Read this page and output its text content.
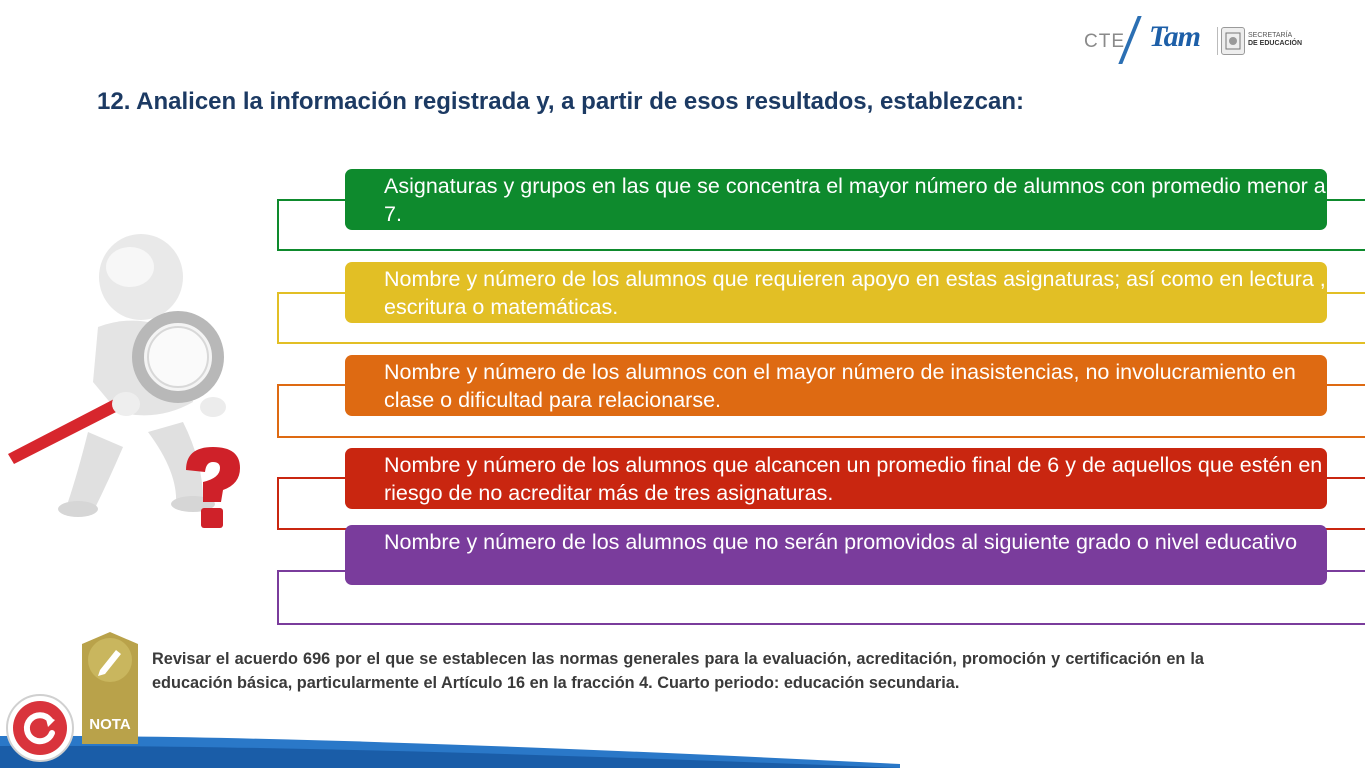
CTE Tam	SECRETARÍA
DE EDUCACIÓN
12. Analicen la información registrada y, a partir de esos resultados, establezcan:
Asignaturas y grupos en las que se concentra el mayor número de alumnos con promedio menor a 7.
Nombre y número de los alumnos que requieren apoyo en estas asignaturas; así como en lectura , escritura o matemáticas.
Nombre y número de los alumnos con el mayor número de inasistencias, no involucramiento en clase o dificultad para relacionarse.
Nombre y número de los alumnos que alcancen un promedio final de 6 y de aquellos que estén en riesgo de no acreditar más de tres asignaturas.
Nombre y número de los alumnos que no serán promovidos al siguiente grado o nivel educativo
NOTA
Revisar el acuerdo 696 por el que se establecen las normas generales para la evaluación, acreditación, promoción y certificación en la educación básica, particularmente el Artículo 16 en la fracción 4. Cuarto periodo: educación secundaria.
